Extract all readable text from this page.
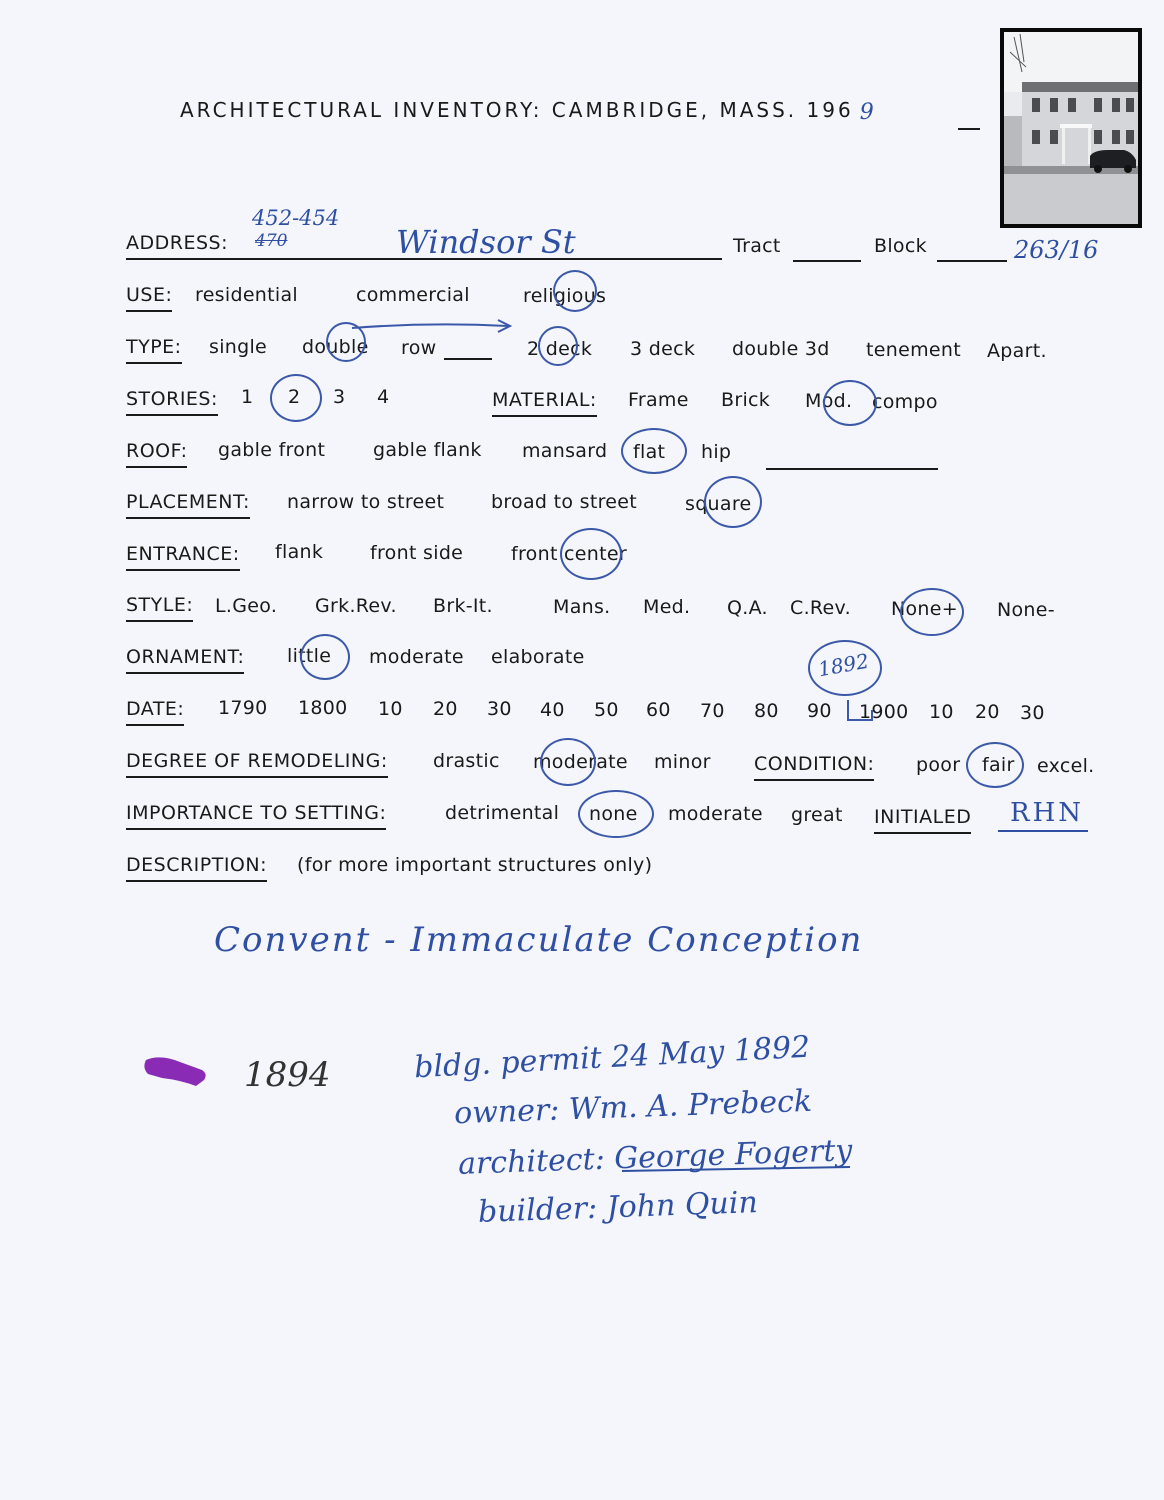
ARCHITECTURAL INVENTORY: CAMBRIDGE, MASS. 196 9
ADDRESS:
452-454
470	Windsor St	Tract	Block	263/16
USE: residential	commercial	religious
TYPE: single double row	2 deck 3 deck double 3d tenement Apart.
STORIES: 1 2 3 4	MATERIAL: Frame Brick Mod. compo
ROOF: gable front	gable flank mansard flat hip
PLACEMENT: narrow to street broad to street	square
ENTRANCE: flank front side	front center
STYLE: L.Geo. Grk.Rev. Brk-It.	Mans. Med. Q.A. C.Rev. None+ None-
ORNAMENT: little moderate elaborate
DATE: 1790 1800 10 20 30 40 50 60 70 80 90 1900 10 20 30
1892
DEGREE OF REMODELING: drastic moderate minor CONDITION: poor fair excel.
IMPORTANCE TO SETTING:	detrimental none moderate great INITIALED RHN
DESCRIPTION: (for more important structures only)
Convent - Immaculate Conception
1894	bldg. permit 24 May 1892
owner: Wm. A. Prebeck
architect: George Fogerty
builder: John Quin
